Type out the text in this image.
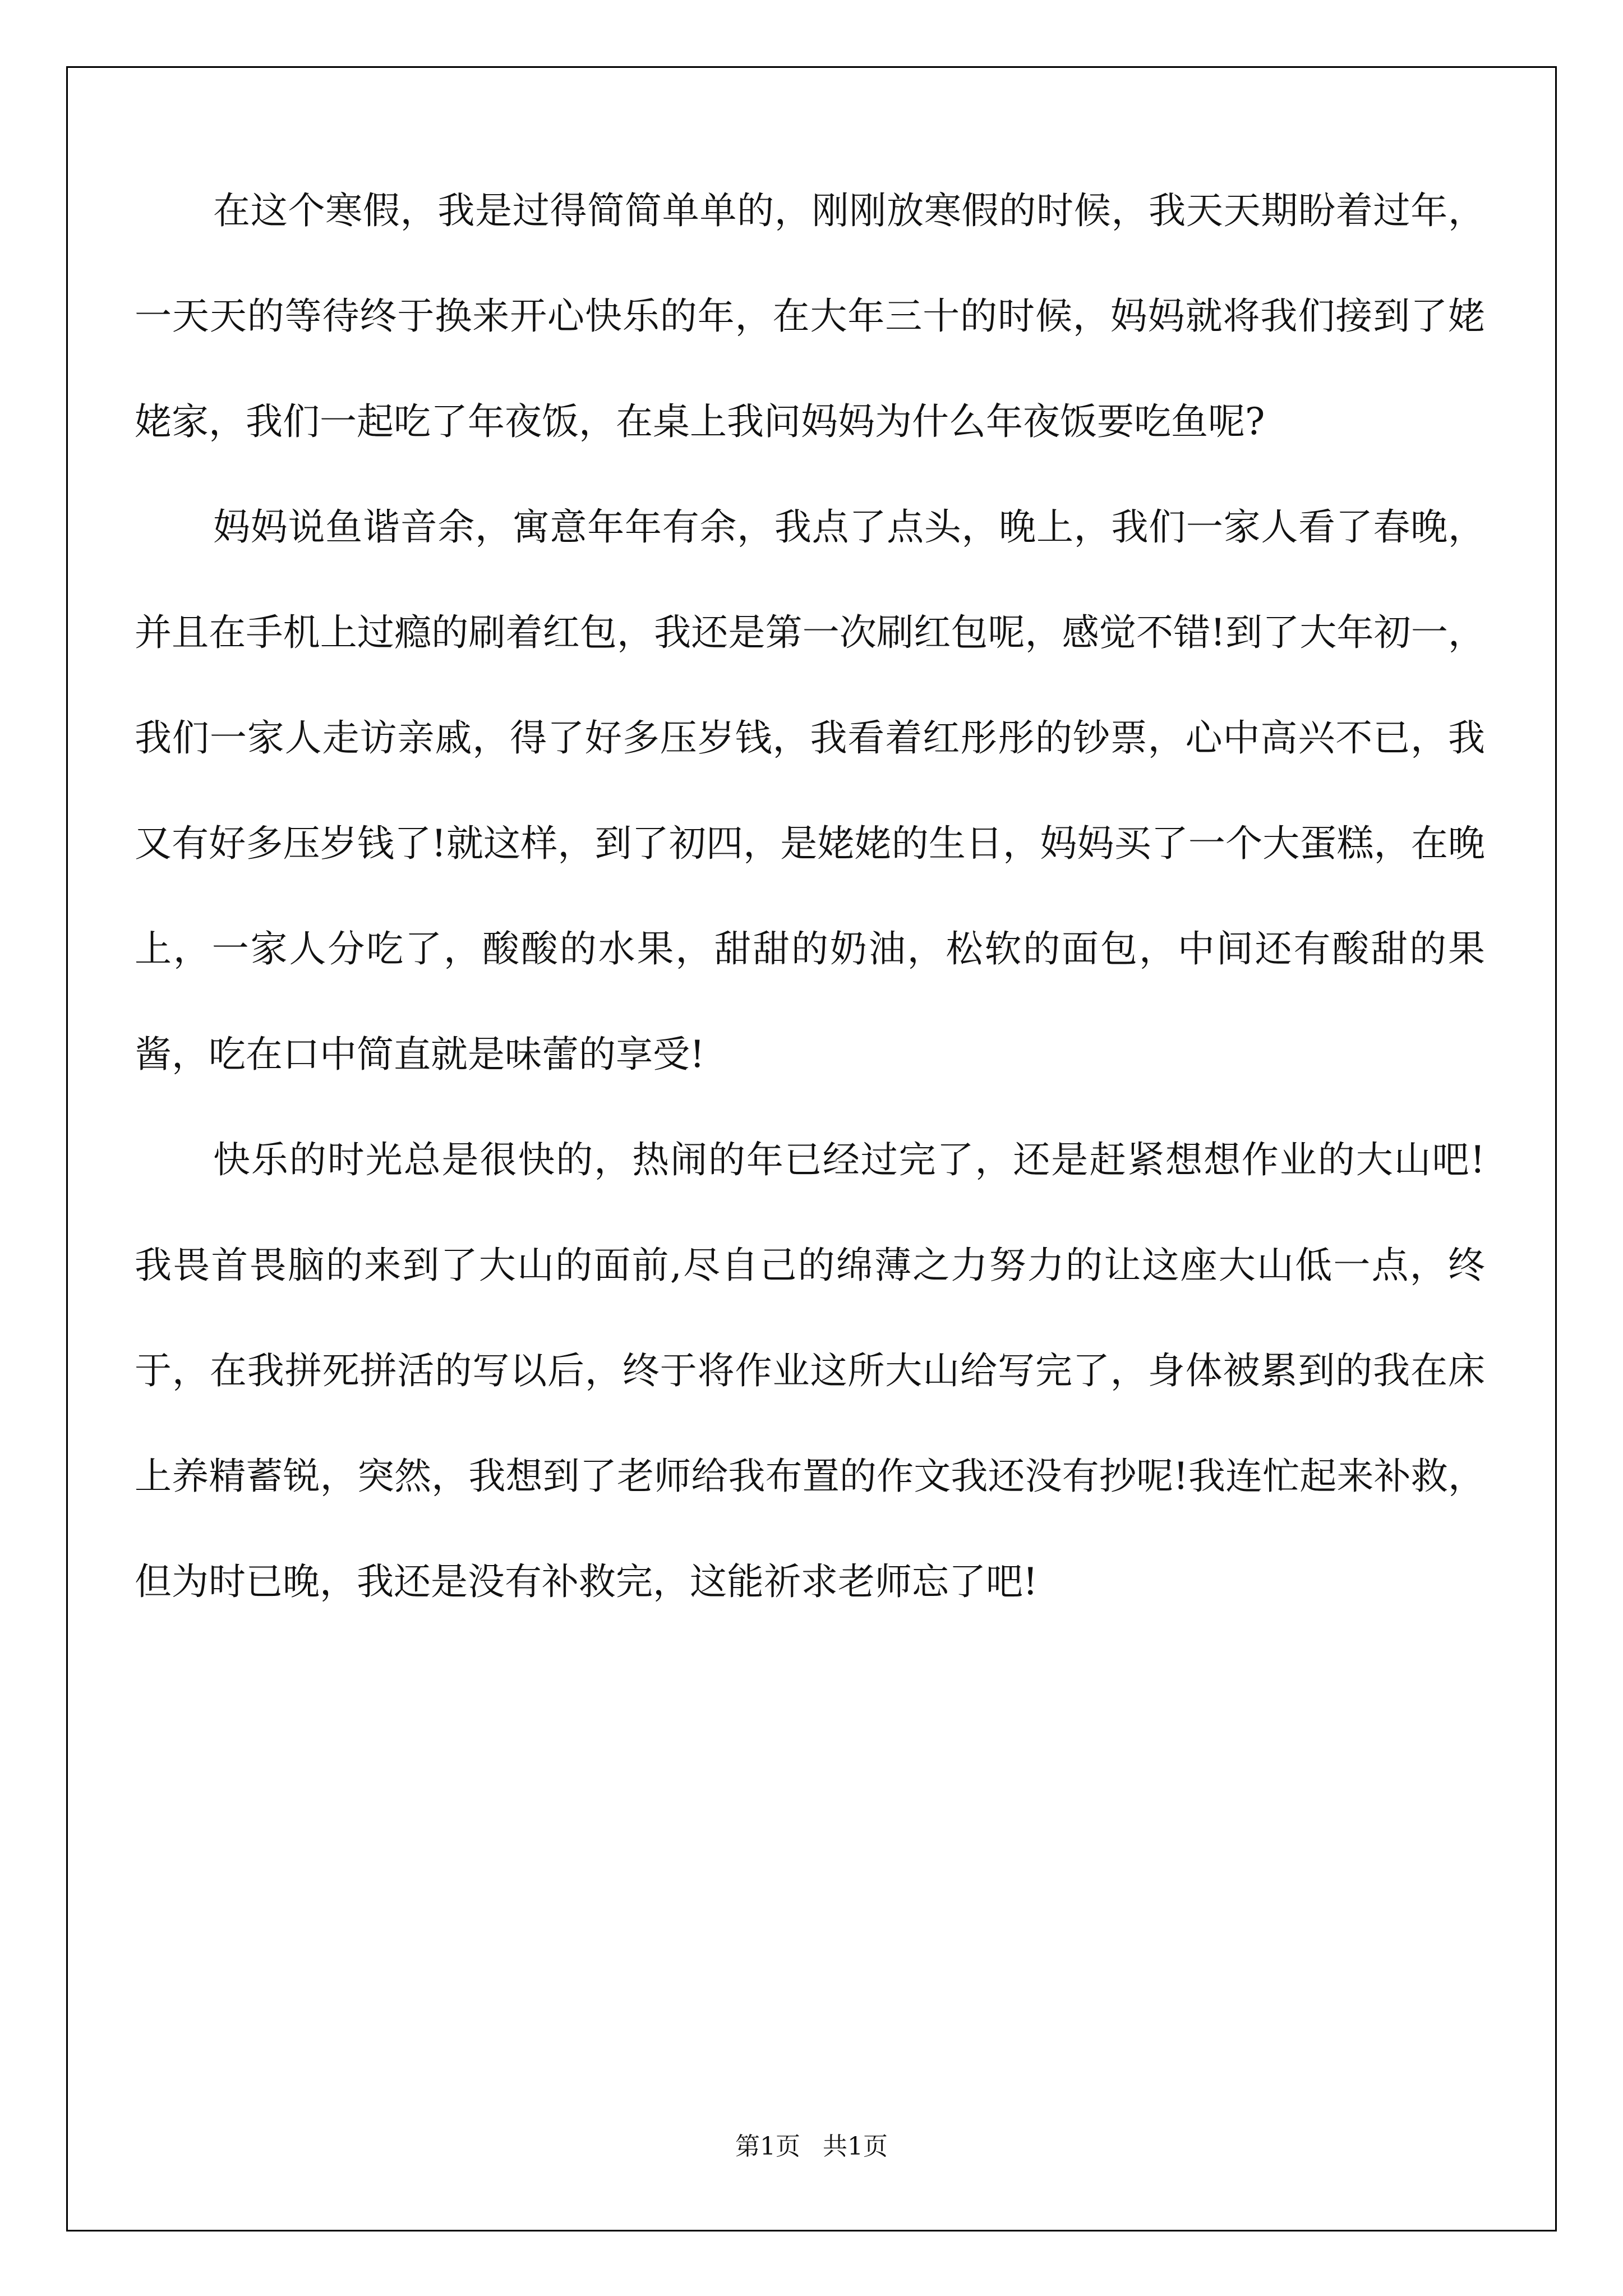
在这个寒假，我是过得简简单单的，刚刚放寒假的时候，我天天期盼着过年，一天天的等待终于换来开心快乐的年，在大年三十的时候，妈妈就将我们接到了姥姥家，我们一起吃了年夜饭，在桌上我问妈妈为什么年夜饭要吃鱼呢?

妈妈说鱼谐音余，寓意年年有余，我点了点头，晚上，我们一家人看了春晚，并且在手机上过瘾的刷着红包，我还是第一次刷红包呢，感觉不错!到了大年初一，我们一家人走访亲戚，得了好多压岁钱，我看着红彤彤的钞票，心中高兴不已，我又有好多压岁钱了!就这样，到了初四，是姥姥的生日，妈妈买了一个大蛋糕，在晚上，一家人分吃了，酸酸的水果，甜甜的奶油，松软的面包，中间还有酸甜的果酱，吃在口中简直就是味蕾的享受!

快乐的时光总是很快的，热闹的年已经过完了，还是赶紧想想作业的大山吧!我畏首畏脑的来到了大山的面前,尽自己的绵薄之力努力的让这座大山低一点，终于，在我拼死拼活的写以后，终于将作业这所大山给写完了，身体被累到的我在床上养精蓄锐，突然，我想到了老师给我布置的作文我还没有抄呢!我连忙起来补救，但为时已晚，我还是没有补救完，这能祈求老师忘了吧!

第1页 共1页
